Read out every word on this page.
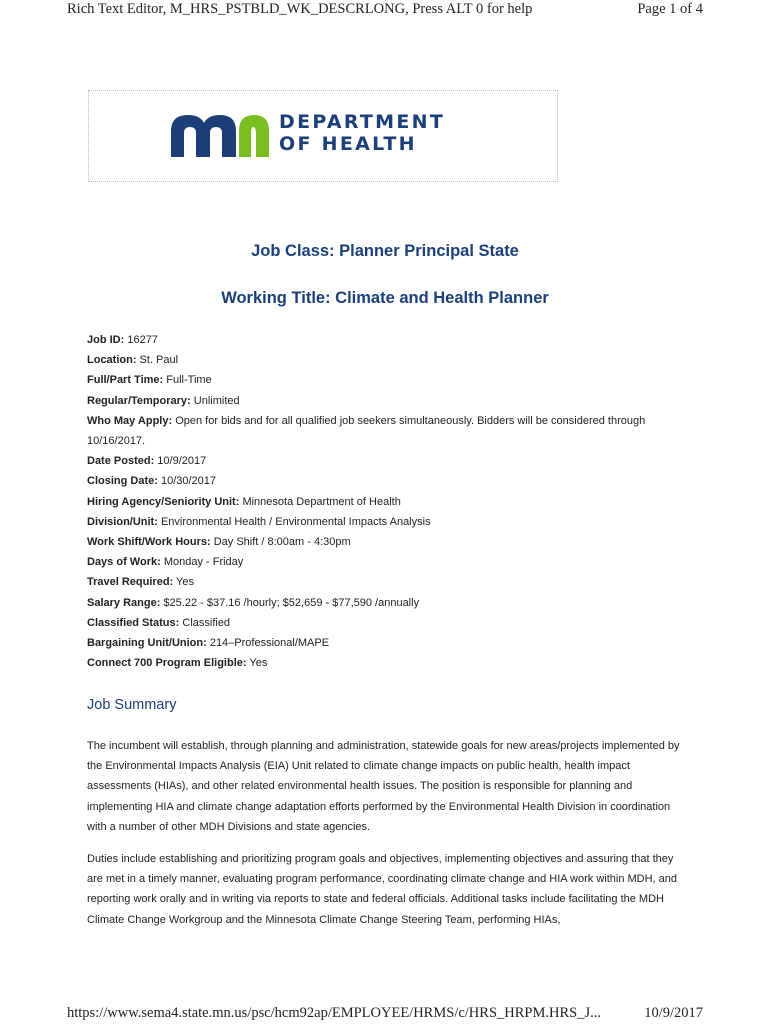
Rich Text Editor, M_HRS_PSTBLD_WK_DESCRLONG, Press ALT 0 for help	Page 1 of 4
DEPARTMENT
OF HEALTH
Job Class: Planner Principal State
Working Title: Climate and Health Planner
Job ID: 16277
Location: St. Paul
Full/Part Time: Full-Time
Regular/Temporary: Unlimited
Who May Apply: Open for bids and for all qualified job seekers simultaneously. Bidders will be considered through 10/16/2017.
Date Posted: 10/9/2017
Closing Date: 10/30/2017
Hiring Agency/Seniority Unit: Minnesota Department of Health
Division/Unit: Environmental Health / Environmental Impacts Analysis
Work Shift/Work Hours: Day Shift / 8:00am - 4:30pm
Days of Work: Monday - Friday
Travel Required: Yes
Salary Range: $25.22 - $37.16 /hourly; $52,659 - $77,590 /annually
Classified Status: Classified
Bargaining Unit/Union: 214–Professional/MAPE
Connect 700 Program Eligible: Yes
Job Summary
The incumbent will establish, through planning and administration, statewide goals for new areas/projects implemented by the Environmental Impacts Analysis (EIA) Unit related to climate change impacts on public health, health impact assessments (HIAs), and other related environmental health issues. The position is responsible for planning and implementing HIA and climate change adaptation efforts performed by the Environmental Health Division in coordination with a number of other MDH Divisions and state agencies.
Duties include establishing and prioritizing program goals and objectives, implementing objectives and assuring that they are met in a timely manner, evaluating program performance, coordinating climate change and HIA work within MDH, and reporting work orally and in writing via reports to state and federal officials. Additional tasks include facilitating the MDH Climate Change Workgroup and the Minnesota Climate Change Steering Team, performing HIAs,
https://www.sema4.state.mn.us/psc/hcm92ap/EMPLOYEE/HRMS/c/HRS_HRPM.HRS_J...	10/9/2017
